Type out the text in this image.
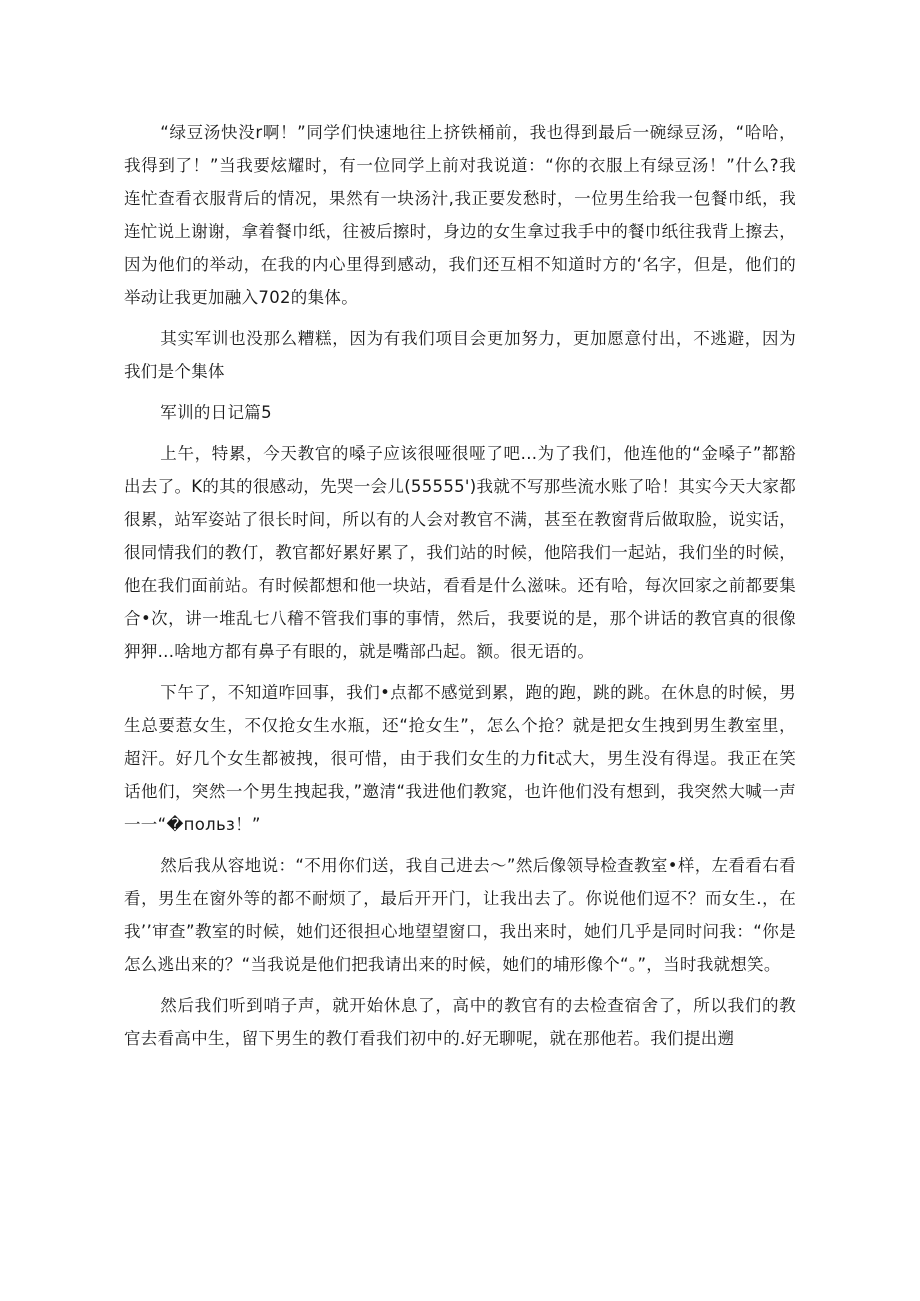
“绿豆汤快没r啊！”同学们快速地往上挤铁桶前，我也得到最后一碗绿豆汤，“哈哈，我得到了！”当我要炫耀时，有一位同学上前对我说道：“你的衣服上有绿豆汤！”什么?我连忙查看衣服背后的情况，果然有一块汤汁,我正要发愁时，一位男生给我一包餐巾纸，我连忙说上谢谢，拿着餐巾纸，往被后擦时，身边的女生拿过我手中的餐巾纸往我背上擦去，因为他们的举动，在我的内心里得到感动，我们还互相不知道时方的‘名字，但是，他们的举动让我更加融入702的集体。

其实军训也没那么糟糕，因为有我们项目会更加努力，更加愿意付出，不逃避，因为我们是个集体

军训的日记篇5

上午，特累，今天教官的嗓子应该很哑很哑了吧...为了我们，他连他的“金嗓子”都豁出去了。K的其的很感动，先哭一会儿(55555')我就不写那些流水账了哈！其实今天大家都很累，站军姿站了很长时间，所以有的人会对教官不满，甚至在教窗背后做取脸，说实话，很同情我们的教仃，教官都好累好累了，我们站的时候，他陪我们一起站，我们坐的时候，他在我们面前站。有时候都想和他一块站，看看是什么滋味。还有哈，每次回家之前都要集合•次，讲一堆乱七八稽不管我们事的事情，然后，我要说的是，那个讲话的教官真的很像狎狎...啥地方都有鼻子有眼的，就是嘴部凸起。额。很无语的。

下午了，不知道咋回事，我们•点都不感觉到累，跑的跑，跳的跳。在休息的时候，男生总要惹女生，不仅抢女生水瓶，还“抢女生”，怎么个抢？就是把女生拽到男生教室里，超汗。好几个女生都被拽，很可惜，由于我们女生的力fit忒大，男生没有得逞。我正在笑话他们，突然一个男生拽起我，”邀清“我进他们教窕，也许他们没有想到，我突然大喊一声一一“�польз！”

然后我从容地说：“不用你们送，我自己进去～”然后像领导检查教室•样，左看看右看看，男生在窗外等的都不耐烦了，最后开开门，让我出去了。你说他们逗不？而女生.，在我’’审查”教室的时候，她们还很担心地望望窗口，我出来时，她们几乎是同时问我：“你是怎么逃出来的？“当我说是他们把我请出来的时候，她们的埔形像个“。”，当时我就想笑。

然后我们听到哨子声，就开始休息了，高中的教官有的去检查宿舍了，所以我们的教官去看高中生，留下男生的教仃看我们初中的.好无聊呢，就在那他若。我们提出遡
